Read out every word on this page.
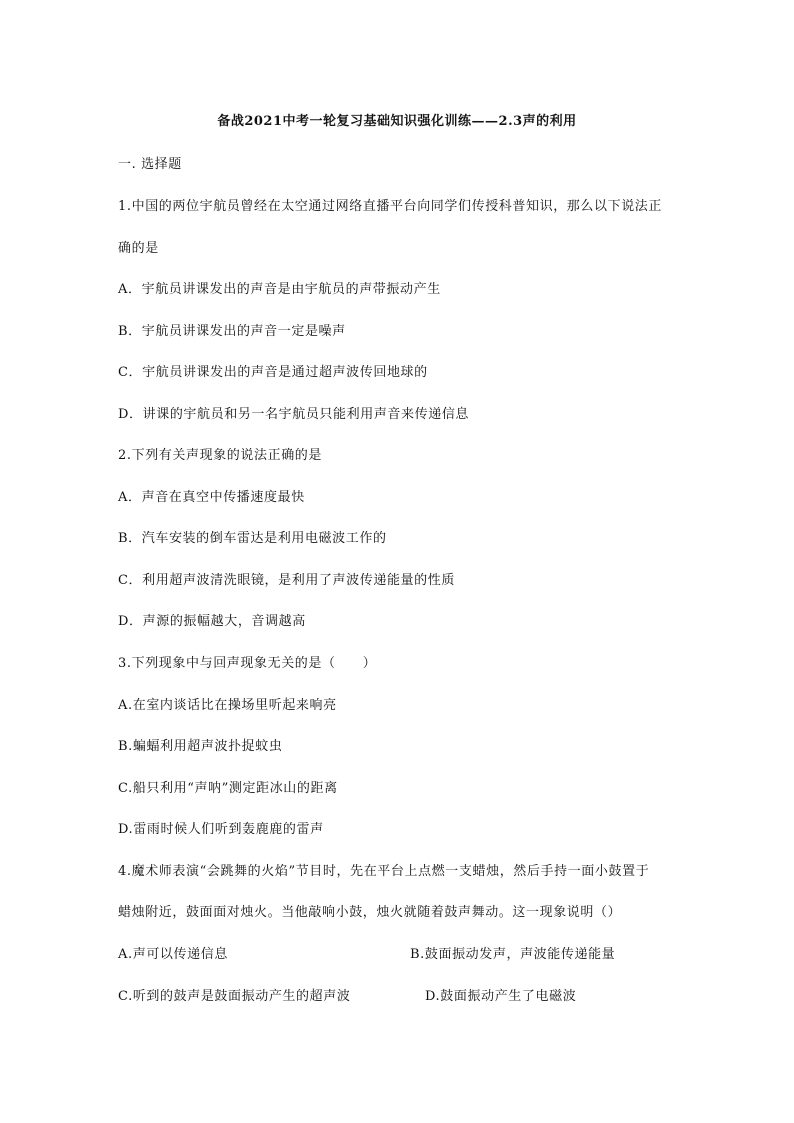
备战2021中考一轮复习基础知识强化训练——2.3声的利用
一. 选择题
1.中国的两位宇航员曾经在太空通过网络直播平台向同学们传授科普知识，那么以下说法正
确的是
A．宇航员讲课发出的声音是由宇航员的声带振动产生
B．宇航员讲课发出的声音一定是噪声
C．宇航员讲课发出的声音是通过超声波传回地球的
D．讲课的宇航员和另一名宇航员只能利用声音来传递信息
2.下列有关声现象的说法正确的是
A．声音在真空中传播速度最快
B．汽车安装的倒车雷达是利用电磁波工作的
C．利用超声波清洗眼镜，是利用了声波传递能量的性质
D．声源的振幅越大，音调越高
3.下列现象中与回声现象无关的是（　　）
A.在室内谈话比在操场里听起来响亮
B.蝙蝠利用超声波扑捉蚊虫
C.船只利用“声呐”测定距冰山的距离
D.雷雨时候人们听到轰鹿鹿的雷声
4.魔术师表演“会跳舞的火焰”节目时，先在平台上点燃一支蜡烛，然后手持一面小鼓置于
蜡烛附近，鼓面面对烛火。当他敲响小鼓，烛火就随着鼓声舞动。这一现象说明（）
A.声可以传递信息	B.鼓面振动发声，声波能传递能量
C.听到的鼓声是鼓面振动产生的超声波	D.鼓面振动产生了电磁波
